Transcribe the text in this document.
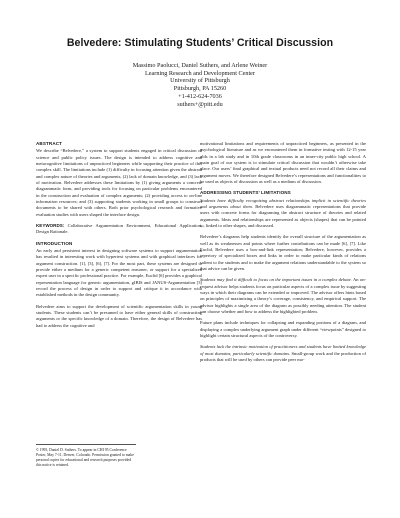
Belvedere: Stimulating Students’ Critical Discussion
Massimo Paolucci, Daniel Suthers, and Arlene Weiner
Learning Research and Development Center
University of Pittsburgh
Pittsburgh, PA 15260
+1-412-624-7036
suthers+@pitt.edu
ABSTRACT

We describe “Belvedere,” a system to support students engaged in critical discussion of science and public policy issues. The design is intended to address cognitive and metacognitive limitations of unpracticed beginners while supporting their practice of this complex skill. The limitations include (1) difficulty in focusing attention given the abstract and complex nature of theories and arguments, (2) lack of domain knowledge, and (3) lack of motivation. Belvedere addresses these limitations by (1) giving arguments a concrete diagrammatic form, and providing tools for focusing on particular problems encountered in the construction and evaluation of complex arguments; (2) providing access to on-line information resources; and (3) supporting students working in small groups to construct documents to be shared with others. Both prior psychological research and formative evaluation studies with users shaped the interface design.

KEYWORDS: Collaborative Argumentation Environment, Educational Application, Design Rationale.

INTRODUCTION

An early and persistent interest in designing software systems to support argumentation has resulted in interesting work with hypertext systems and with graphical interfaces for argument construction. [1], [3], [6], [7]. For the most part, these systems are designed to provide either a medium for a generic competent reasoner, or support for a specialized expert user in a specific professional practice. For example, Euclid [6] provides a graphical representation language for generic argumentation, gIBIS and JANUS-Argumentation [3] record the process of design in order to support and critique it in accordance with established methods in the design community.

Belvedere aims to support the development of scientific argumentation skills in young students. These students can’t be presumed to have either general skills of constructing arguments or the specific knowledge of a domain. Therefore, the design of Belvedere has had to address the cognitive and

© 1995, Daniel D. Suthers. To appear in CHI 95 Conference Poster, May 7-11, Denver, Colorado. Permission granted to make personal copies for educational and research purposes provided this notice is retained.

motivational limitations and requirements of unpracticed beginners, as presented in the psychological literature and as we encountered them in formative testing with 12-15 year olds in a lab study and in 10th grade classrooms in an inner-city public high school. A main goal of our system is to stimulate critical discussion that wouldn’t otherwise take place. Our users’ final graphical and textual products need not record all their claims and argument moves. We therefore designed Belvedere’s representations and functionalities to be used as objects of discussion as well as a medium of discussion.

ADDRESSING STUDENTS’ LIMITATIONS

Students have difficulty recognizing abstract relationships implicit in scientific theories and arguments about them. Belvedere uses diagrammatic representations that provide users with concrete forms for diagraming the abstract structure of theories and related arguments. Ideas and relationships are represented as objects (shapes) that can be pointed to, linked to other shapes, and discussed.

Belvedere’s diagrams help students identify the overall structure of the argumentation as well as its weaknesses and points where further contributions can be made [6], [7]. Like Euclid, Belvedere uses a box-and-link representation; Belvedere, however, provides a repertory of specialized boxes and links in order to make particular kinds of relations salient to the students and to make the argument relations understandable to the system so that advice can be given.

Students may find it difficult to focus on the important issues in a complex debate. An on-request advisor helps students focus on particular aspects of a complex issue by suggesting ways in which their diagrams can be extended or improved. The advisor offers hints based on principles of maximizing a theory’s coverage, consistency, and empirical support. The advisor highlights a single area of the diagram as possibly needing attention. The student can choose whether and how to address the highlighted problem.

Future plans include techniques for collapsing and expanding portions of a diagram, and displaying a complex underlying argument graph under different “viewpoints” designed to highlight certain structural aspects of the controversy.

Students lack the intrinsic motivation of practitioners and students have limited knowledge of most domains, particularly scientific domains. Small-group work and the production of products that will be used by others can provide peer mo-
